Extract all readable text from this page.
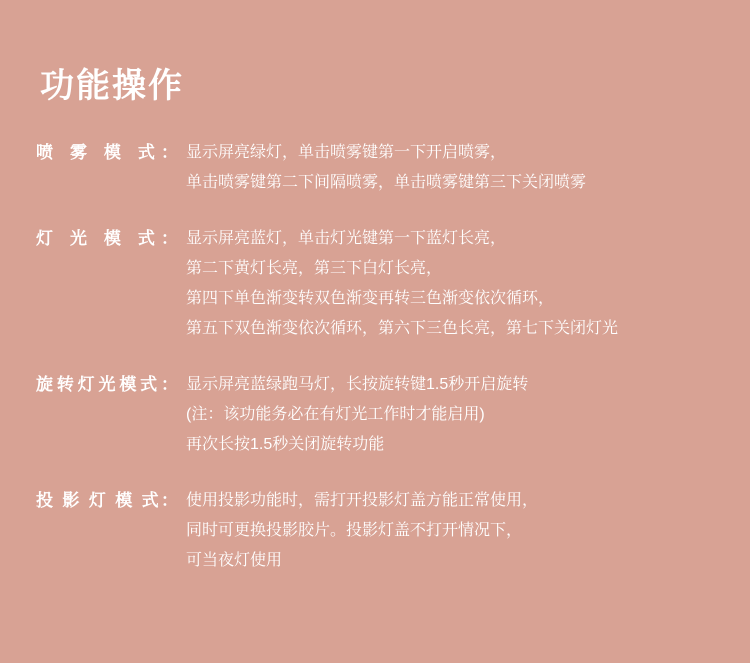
功能操作
喷 雾 模 式： 显示屏亮绿灯，单击喷雾键第一下开启喷雾，
单击喷雾键第二下间隔喷雾，单击喷雾键第三下关闭喷雾
灯 光 模 式： 显示屏亮蓝灯，单击灯光键第一下蓝灯长亮，
第二下黄灯长亮，第三下白灯长亮，
第四下单色渐变转双色渐变再转三色渐变依次循环，
第五下双色渐变依次循环，第六下三色长亮，第七下关闭灯光
旋转灯光模式： 显示屏亮蓝绿跑马灯，长按旋转键1.5秒开启旋转
(注：该功能务必在有灯光工作时才能启用)
再次长按1.5秒关闭旋转功能
投 影 灯 模 式： 使用投影功能时，需打开投影灯盖方能正常使用，
同时可更换投影胶片。投影灯盖不打开情况下，
可当夜灯使用
